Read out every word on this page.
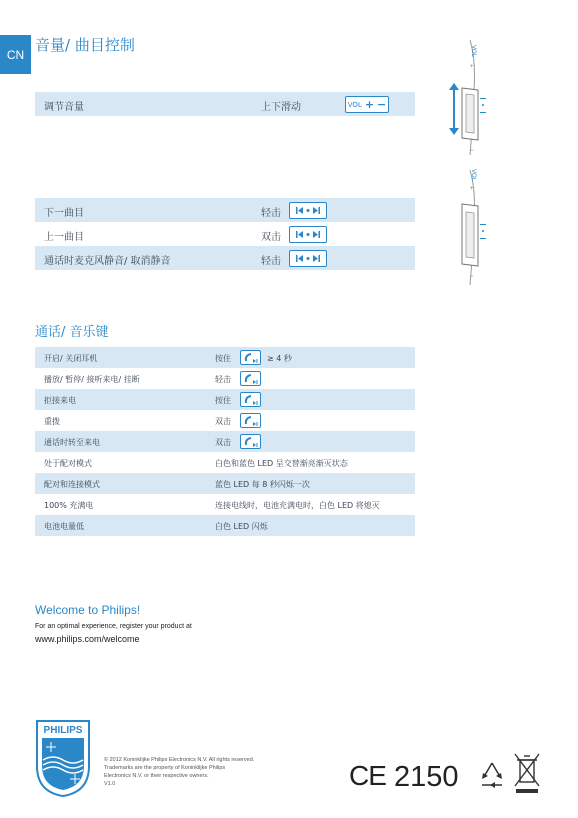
CN
音量/ 曲目控制
调节音量	上下滑动	VOL + −
下一曲目	轻击
上一曲目	双击
通话时麦克风静音/ 取消静音	轻击
+
VOL
−
+
VOL
−
通话/ 音乐键
开启/ 关闭耳机	按住	≥ 4 秒
播放/ 暂停/ 接听来电/ 挂断	轻击
拒接来电	按住
重拨	双击
通话时转至来电	双击
处于配对模式	白色和蓝色 LED 呈交替渐亮渐灭状态
配对和连接模式	蓝色 LED 每 8 秒闪烁一次
100% 充满电	连接电线时，电池充满电时，白色 LED 将熄灭
电池电量低	白色 LED 闪烁
Welcome to Philips!
For an optimal experience, register your product at
www.philips.com/welcome
PHILIPS
© 2012 Koninklijke Philips Electronics N.V. All rights reserved.
Trademarks are the property of Koninklijke Philips
Electronics N.V. or their respective owners.
V1.0	CE 2150
